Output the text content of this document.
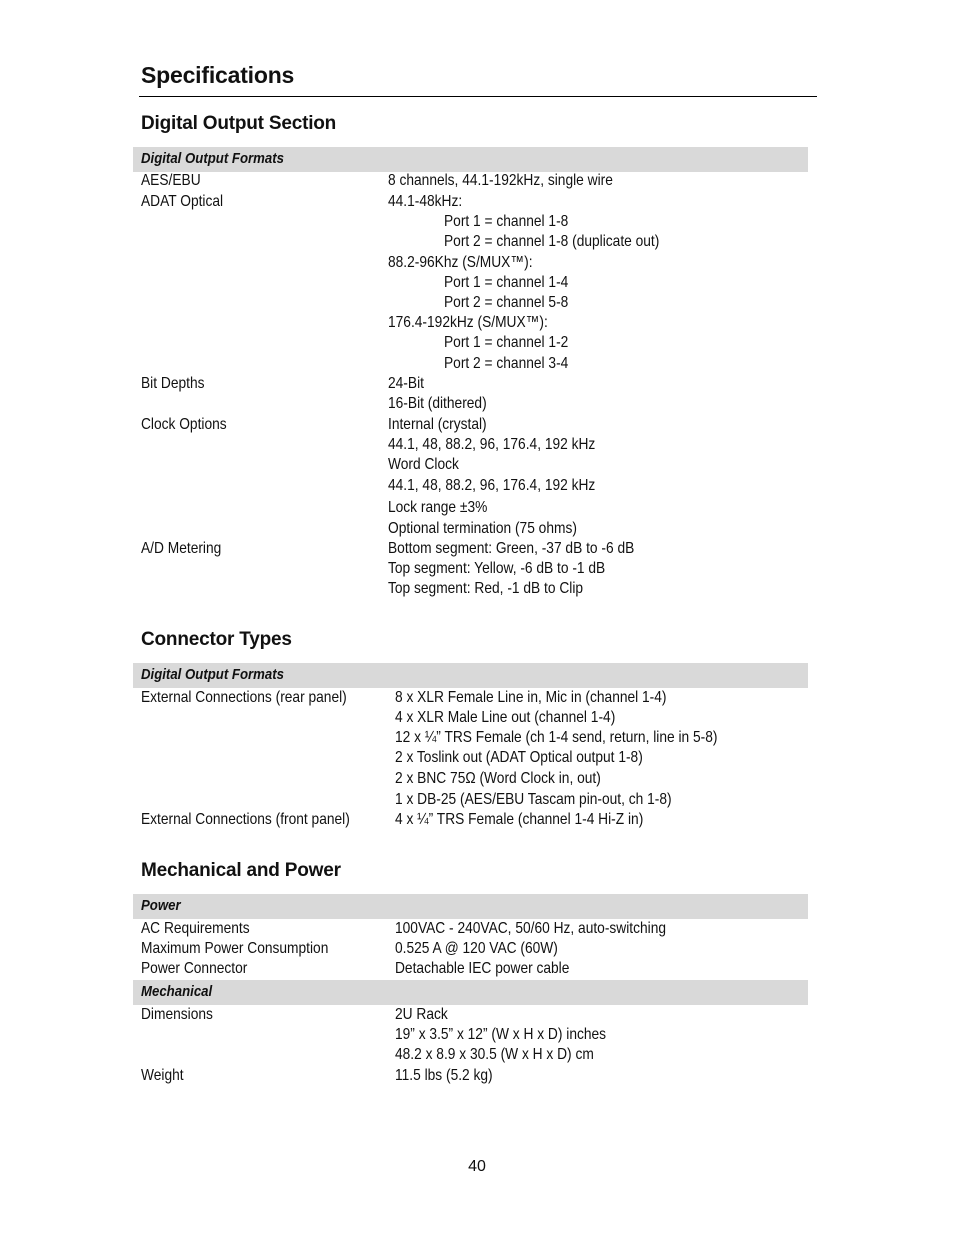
Specifications
Digital Output Section
Digital Output Formats
AES/EBU
ADAT Optical
Bit Depths
Clock Options
A/D Metering
8 channels, 44.1-192kHz, single wire
44.1-48kHz:
Port 1 = channel 1-8
Port 2 = channel 1-8 (duplicate out)
88.2-96Khz (S/MUX™):
Port 1 = channel 1-4
Port 2 = channel 5-8
176.4-192kHz (S/MUX™):
Port 1 = channel 1-2
Port 2 = channel 3-4
24-Bit
16-Bit (dithered)
Internal (crystal)
44.1, 48, 88.2, 96, 176.4, 192 kHz
Word Clock
44.1, 48, 88.2, 96, 176.4, 192 kHz
Lock range ±3%
Optional termination (75 ohms)
Bottom segment: Green, -37 dB to -6 dB
Top segment: Yellow, -6 dB to -1 dB
Top segment: Red, -1 dB to Clip
Connector Types
Digital Output Formats
External Connections (rear panel)
External Connections (front panel)
8 x XLR Female Line in, Mic in (channel 1-4)
4 x XLR Male Line out (channel 1-4)
12 x ¼” TRS Female (ch 1-4 send, return, line in 5-8)
2 x Toslink out (ADAT Optical output 1-8)
2 x BNC 75Ω (Word Clock in, out)
1 x DB-25 (AES/EBU Tascam pin-out, ch 1-8)
4 x ¼” TRS Female (channel 1-4 Hi-Z in)
Mechanical and Power
Power
AC Requirements
Maximum Power Consumption
Power Connector
100VAC - 240VAC, 50/60 Hz, auto-switching
0.525 A @ 120 VAC (60W)
Detachable IEC power cable
Mechanical
Dimensions
Weight
2U Rack
19” x 3.5” x 12” (W x H x D) inches
48.2 x 8.9 x 30.5 (W x H x D) cm
11.5 lbs (5.2 kg)
40
